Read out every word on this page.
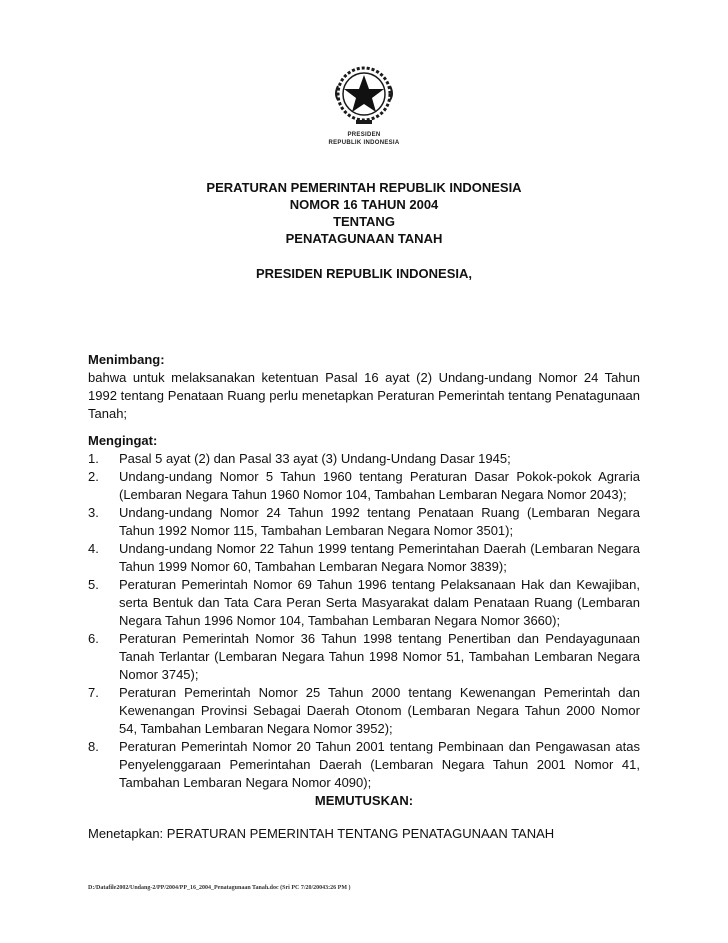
PRESIDEN
REPUBLIK INDONESIA
PERATURAN PEMERINTAH REPUBLIK INDONESIA
NOMOR 16 TAHUN 2004
TENTANG
PENATAGUNAAN TANAH
PRESIDEN REPUBLIK INDONESIA,
Menimbang:
bahwa untuk melaksanakan ketentuan Pasal 16 ayat (2) Undang-undang Nomor 24 Tahun 1992 tentang Penataan Ruang perlu menetapkan Peraturan Pemerintah tentang Penatagunaan Tanah;
Mengingat:
1. Pasal 5 ayat (2) dan Pasal 33 ayat (3) Undang-Undang Dasar 1945;
2. Undang-undang Nomor 5 Tahun 1960 tentang Peraturan Dasar Pokok-pokok Agraria (Lembaran Negara Tahun 1960 Nomor 104, Tambahan Lembaran Negara Nomor 2043);
3. Undang-undang Nomor 24 Tahun 1992 tentang Penataan Ruang (Lembaran Negara Tahun 1992 Nomor 115, Tambahan Lembaran Negara Nomor 3501);
4. Undang-undang Nomor 22 Tahun 1999 tentang Pemerintahan Daerah (Lembaran Negara Tahun 1999 Nomor 60, Tambahan Lembaran Negara Nomor 3839);
5. Peraturan Pemerintah Nomor 69 Tahun 1996 tentang Pelaksanaan Hak dan Kewajiban, serta Bentuk dan Tata Cara Peran Serta Masyarakat dalam Penataan Ruang (Lembaran Negara Tahun 1996 Nomor 104, Tambahan Lembaran Negara Nomor 3660);
6. Peraturan Pemerintah Nomor 36 Tahun 1998 tentang Penertiban dan Pendayagunaan Tanah Terlantar (Lembaran Negara Tahun 1998 Nomor 51, Tambahan Lembaran Negara Nomor 3745);
7. Peraturan Pemerintah Nomor 25 Tahun 2000 tentang Kewenangan Pemerintah dan Kewenangan Provinsi Sebagai Daerah Otonom (Lembaran Negara Tahun 2000 Nomor 54, Tambahan Lembaran Negara Nomor 3952);
8. Peraturan Pemerintah Nomor 20 Tahun 2001 tentang Pembinaan dan Pengawasan atas Penyelenggaraan Pemerintahan Daerah (Lembaran Negara Tahun 2001 Nomor 41, Tambahan Lembaran Negara Nomor 4090);
MEMUTUSKAN:
Menetapkan: PERATURAN PEMERINTAH TENTANG PENATAGUNAAN TANAH
D:/Datafile2002/Undang-2/PP/2004/PP_16_2004_Penatagunaan Tanah.doc (Sri PC 7/20/20043:26 PM )
